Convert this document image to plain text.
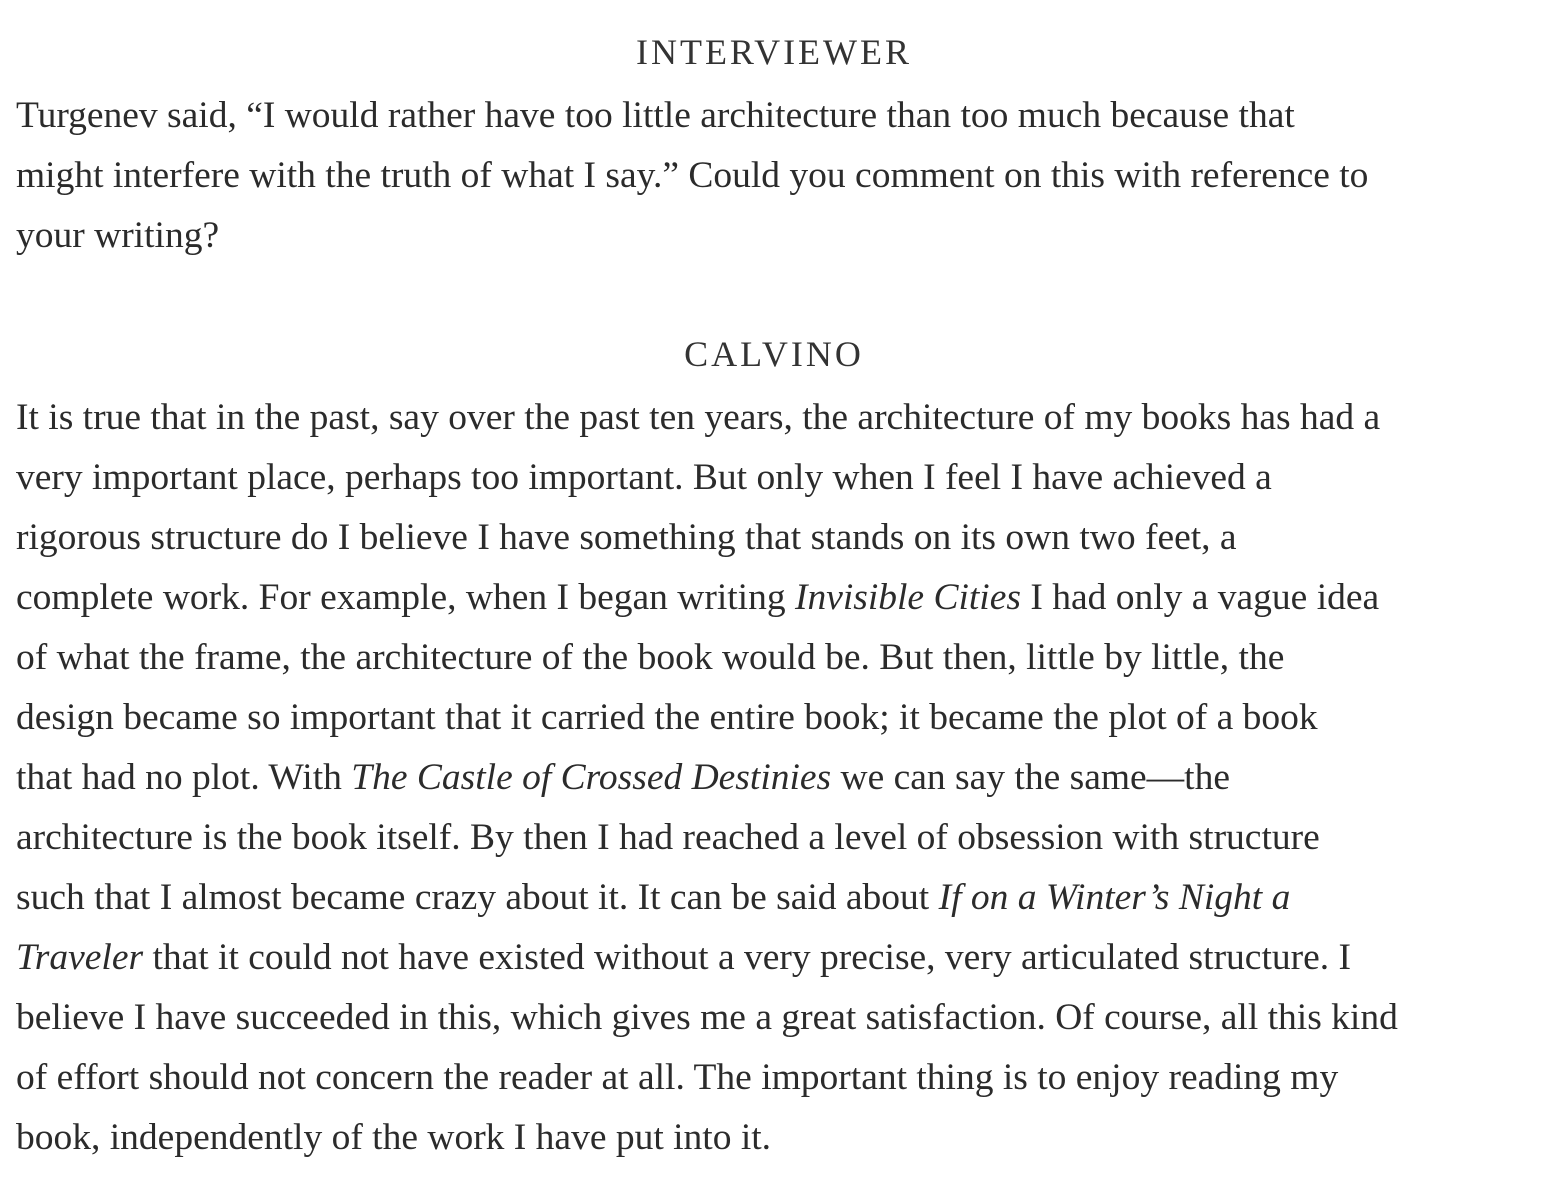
INTERVIEWER

Turgenev said, “I would rather have too little architecture than too much because that
might interfere with the truth of what I say.” Could you comment on this with reference to
your writing?

CALVINO

It is true that in the past, say over the past ten years, the architecture of my books has had a
very important place, perhaps too important. But only when I feel I have achieved a
rigorous structure do I believe I have something that stands on its own two feet, a
complete work. For example, when I began writing Invisible Cities I had only a vague idea
of what the frame, the architecture of the book would be. But then, little by little, the
design became so important that it carried the entire book; it became the plot of a book
that had no plot. With The Castle of Crossed Destinies we can say the same—the
architecture is the book itself. By then I had reached a level of obsession with structure
such that I almost became crazy about it. It can be said about If on a Winter’s Night a
Traveler that it could not have existed without a very precise, very articulated structure. I
believe I have succeeded in this, which gives me a great satisfaction. Of course, all this kind
of effort should not concern the reader at all. The important thing is to enjoy reading my
book, independently of the work I have put into it.
